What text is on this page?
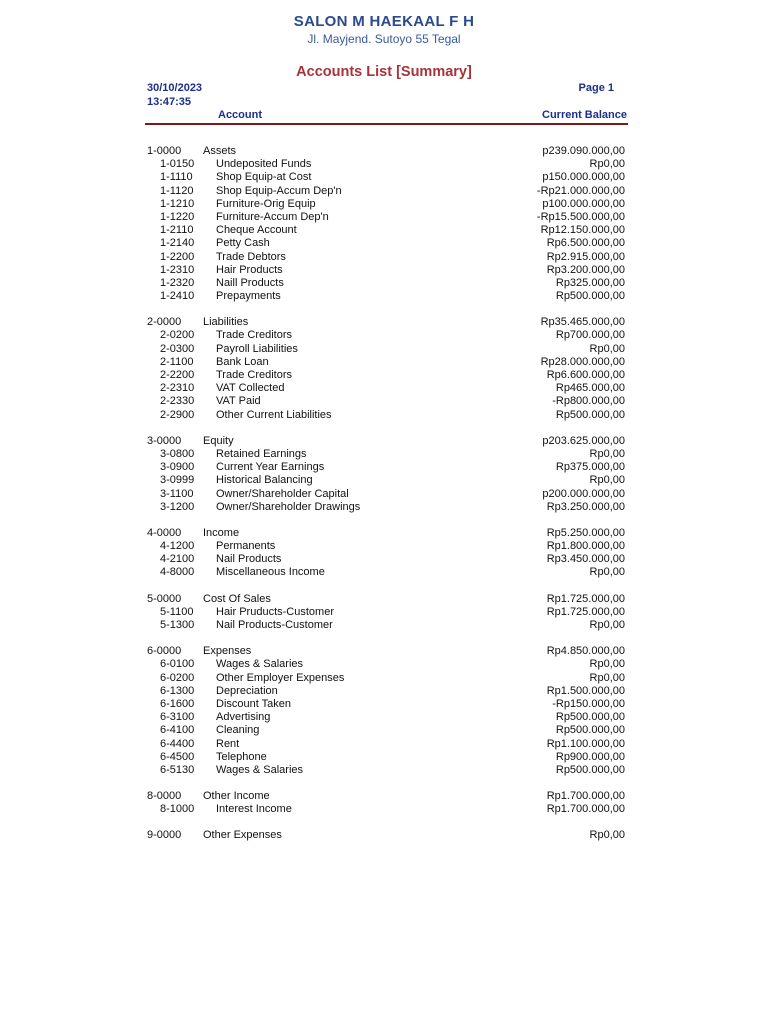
SALON M HAEKAAL F H
Jl. Mayjend. Sutoyo 55 Tegal
Accounts List [Summary]
30/10/2023
13:47:35
Page 1
Account	Current Balance
1-0000 Assets	p239.090.000,00
1-0150 Undeposited Funds	Rp0,00
1-1110 Shop Equip-at Cost	p150.000.000,00
1-1120 Shop Equip-Accum Dep'n	-Rp21.000.000,00
1-1210 Furniture-Orig Equip	p100.000.000,00
1-1220 Furniture-Accum Dep'n	-Rp15.500.000,00
1-2110 Cheque Account	Rp12.150.000,00
1-2140 Petty Cash	Rp6.500.000,00
1-2200 Trade Debtors	Rp2.915.000,00
1-2310 Hair Products	Rp3.200.000,00
1-2320 Naill Products	Rp325.000,00
1-2410 Prepayments	Rp500.000,00
2-0000 Liabilities	Rp35.465.000,00
2-0200 Trade Creditors	Rp700.000,00
2-0300 Payroll Liabilities	Rp0,00
2-1100 Bank Loan	Rp28.000.000,00
2-2200 Trade Creditors	Rp6.600.000,00
2-2310 VAT Collected	Rp465.000,00
2-2330 VAT Paid	-Rp800.000,00
2-2900 Other Current Liabilities	Rp500.000,00
3-0000 Equity	p203.625.000,00
3-0800 Retained Earnings	Rp0,00
3-0900 Current Year Earnings	Rp375.000,00
3-0999 Historical Balancing	Rp0,00
3-1100 Owner/Shareholder Capital	p200.000.000,00
3-1200 Owner/Shareholder Drawings	Rp3.250.000,00
4-0000 Income	Rp5.250.000,00
4-1200 Permanents	Rp1.800.000,00
4-2100 Nail Products	Rp3.450.000,00
4-8000 Miscellaneous Income	Rp0,00
5-0000 Cost Of Sales	Rp1.725.000,00
5-1100 Hair Pruducts-Customer	Rp1.725.000,00
5-1300 Nail Products-Customer	Rp0,00
6-0000 Expenses	Rp4.850.000,00
6-0100 Wages & Salaries	Rp0,00
6-0200 Other Employer Expenses	Rp0,00
6-1300 Depreciation	Rp1.500.000,00
6-1600 Discount Taken	-Rp150.000,00
6-3100 Advertising	Rp500.000,00
6-4100 Cleaning	Rp500.000,00
6-4400 Rent	Rp1.100.000,00
6-4500 Telephone	Rp900.000,00
6-5130 Wages & Salaries	Rp500.000,00
8-0000 Other Income	Rp1.700.000,00
8-1000 Interest Income	Rp1.700.000,00
9-0000 Other Expenses	Rp0,00
